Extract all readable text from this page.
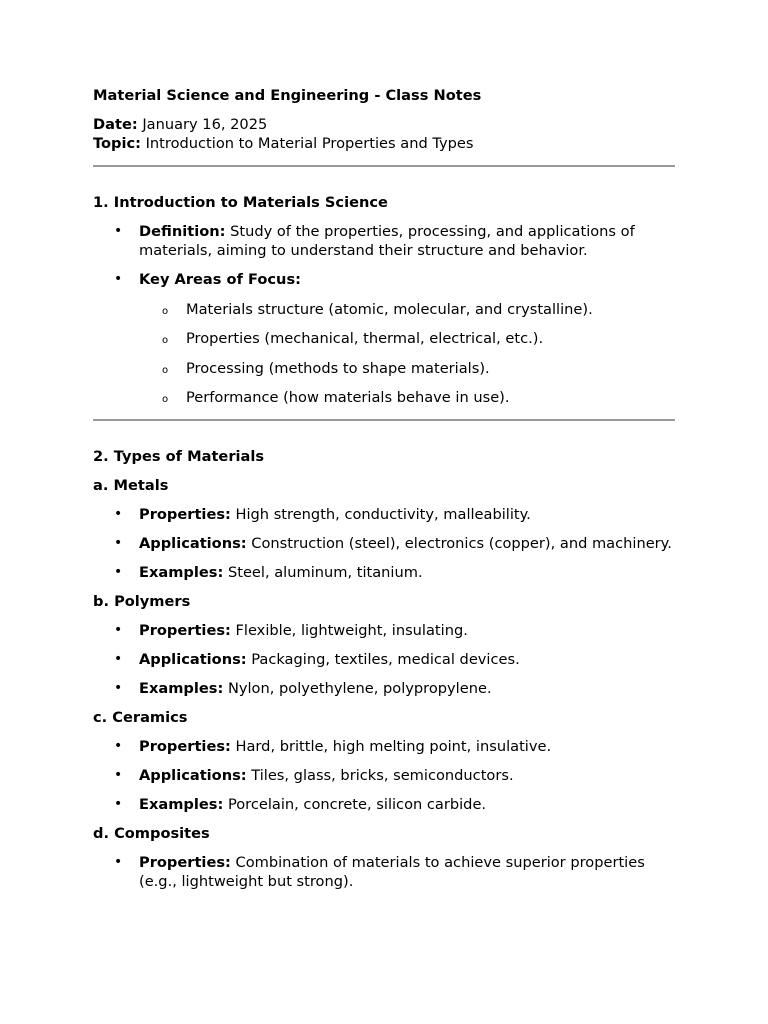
Material Science and Engineering - Class Notes

Date: January 16, 2025

Topic: Introduction to Material Properties and Types

1. Introduction to Materials Science

• Definition: Study of the properties, processing, and applications of materials, aiming to understand their structure and behavior.
• Key Areas of Focus:
o Materials structure (atomic, molecular, and crystalline).
o Properties (mechanical, thermal, electrical, etc.).
o Processing (methods to shape materials).
o Performance (how materials behave in use).

2. Types of Materials

a. Metals

• Properties: High strength, conductivity, malleability.
• Applications: Construction (steel), electronics (copper), and machinery.
• Examples: Steel, aluminum, titanium.

b. Polymers

• Properties: Flexible, lightweight, insulating.
• Applications: Packaging, textiles, medical devices.
• Examples: Nylon, polyethylene, polypropylene.

c. Ceramics

• Properties: Hard, brittle, high melting point, insulative.
• Applications: Tiles, glass, bricks, semiconductors.
• Examples: Porcelain, concrete, silicon carbide.

d. Composites

• Properties: Combination of materials to achieve superior properties (e.g., lightweight but strong).
